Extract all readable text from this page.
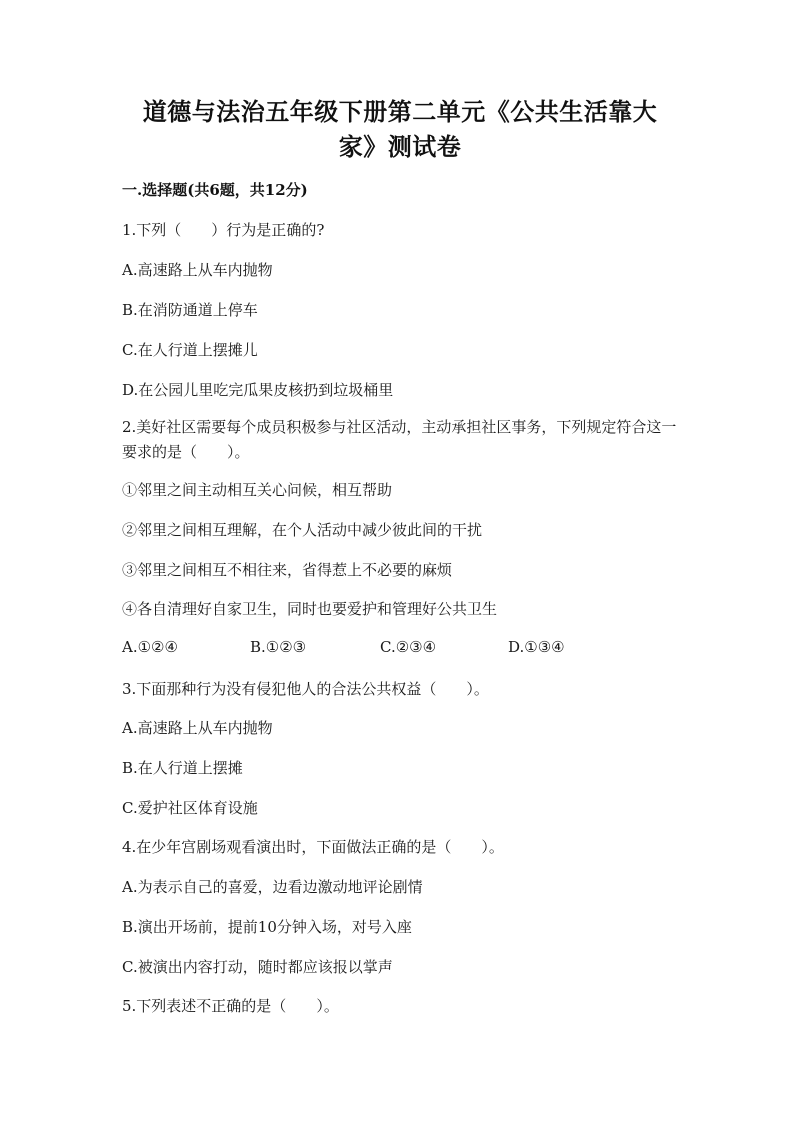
道德与法治五年级下册第二单元《公共生活靠大
家》测试卷
一.选择题(共6题，共12分)
1.下列（　　）行为是正确的?
A.高速路上从车内抛物
B.在消防通道上停车
C.在人行道上摆摊儿
D.在公园儿里吃完瓜果皮核扔到垃圾桶里
2.美好社区需要每个成员积极参与社区活动，主动承担社区事务，下列规定符合这一要求的是（　　）。
①邻里之间主动相互关心问候，相互帮助
②邻里之间相互理解，在个人活动中减少彼此间的干扰
③邻里之间相互不相往来，省得惹上不必要的麻烦
④各自清理好自家卫生，同时也要爱护和管理好公共卫生
A.①②④	B.①②③	C.②③④	D.①③④
3.下面那种行为没有侵犯他人的合法公共权益（　　）。
A.高速路上从车内抛物
B.在人行道上摆摊
C.爱护社区体育设施
4.在少年宫剧场观看演出时，下面做法正确的是（　　）。
A.为表示自己的喜爱，边看边激动地评论剧情
B.演出开场前，提前10分钟入场，对号入座
C.被演出内容打动，随时都应该报以掌声
5.下列表述不正确的是（　　）。
